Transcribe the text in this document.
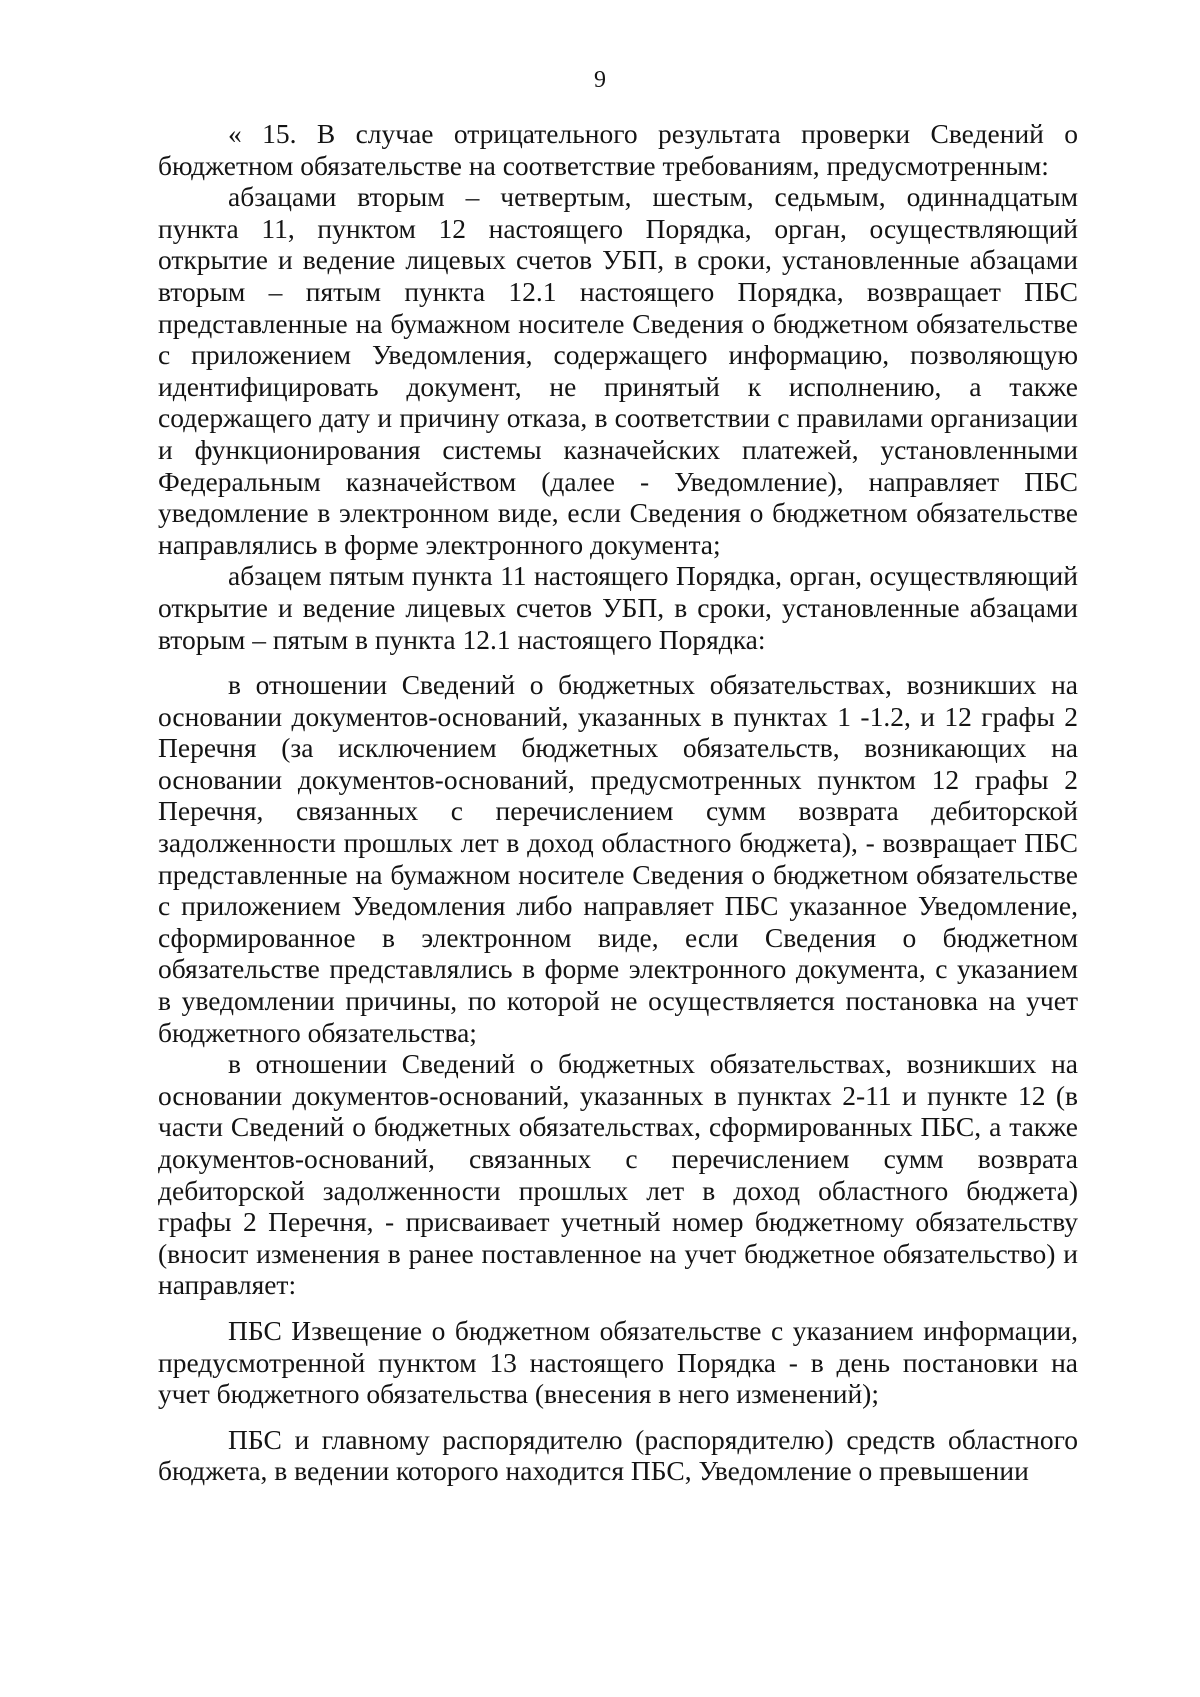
9

« 15. В случае отрицательного результата проверки Сведений о бюджетном обязательстве на соответствие требованиям, предусмотренным:

абзацами вторым – четвертым, шестым, седьмым, одиннадцатым пункта 11, пунктом 12 настоящего Порядка, орган, осуществляющий открытие и ведение лицевых счетов УБП, в сроки, установленные абзацами вторым – пятым пункта 12.1 настоящего Порядка, возвращает ПБС представленные на бумажном носителе Сведения о бюджетном обязательстве с приложением Уведомления, содержащего информацию, позволяющую идентифицировать документ, не принятый к исполнению, а также содержащего дату и причину отказа, в соответствии с правилами организации и функционирования системы казначейских платежей, установленными Федеральным казначейством (далее - Уведомление), направляет ПБС уведомление в электронном виде, если Сведения о бюджетном обязательстве направлялись в форме электронного документа;

абзацем пятым пункта 11 настоящего Порядка, орган, осуществляющий открытие и ведение лицевых счетов УБП, в сроки, установленные абзацами вторым – пятым в пункта 12.1 настоящего Порядка:

в отношении Сведений о бюджетных обязательствах, возникших на основании документов-оснований, указанных в пунктах 1 -1.2, и 12 графы 2 Перечня (за исключением бюджетных обязательств, возникающих на основании документов-оснований, предусмотренных пунктом 12 графы 2 Перечня, связанных с перечислением сумм возврата дебиторской задолженности прошлых лет в доход областного бюджета), - возвращает ПБС представленные на бумажном носителе Сведения о бюджетном обязательстве с приложением Уведомления либо направляет ПБС указанное Уведомление, сформированное в электронном виде, если Сведения о бюджетном обязательстве представлялись в форме электронного документа, с указанием в уведомлении причины, по которой не осуществляется постановка на учет бюджетного обязательства;

в отношении Сведений о бюджетных обязательствах, возникших на основании документов-оснований, указанных в пунктах 2-11 и пункте 12 (в части Сведений о бюджетных обязательствах, сформированных ПБС, а также документов-оснований, связанных с перечислением сумм возврата дебиторской задолженности прошлых лет в доход областного бюджета) графы 2 Перечня, - присваивает учетный номер бюджетному обязательству (вносит изменения в ранее поставленное на учет бюджетное обязательство) и направляет:

ПБС Извещение о бюджетном обязательстве с указанием информации, предусмотренной пунктом 13 настоящего Порядка - в день постановки на учет бюджетного обязательства (внесения в него изменений);

ПБС и главному распорядителю (распорядителю) средств областного бюджета, в ведении которого находится ПБС, Уведомление о превышении
